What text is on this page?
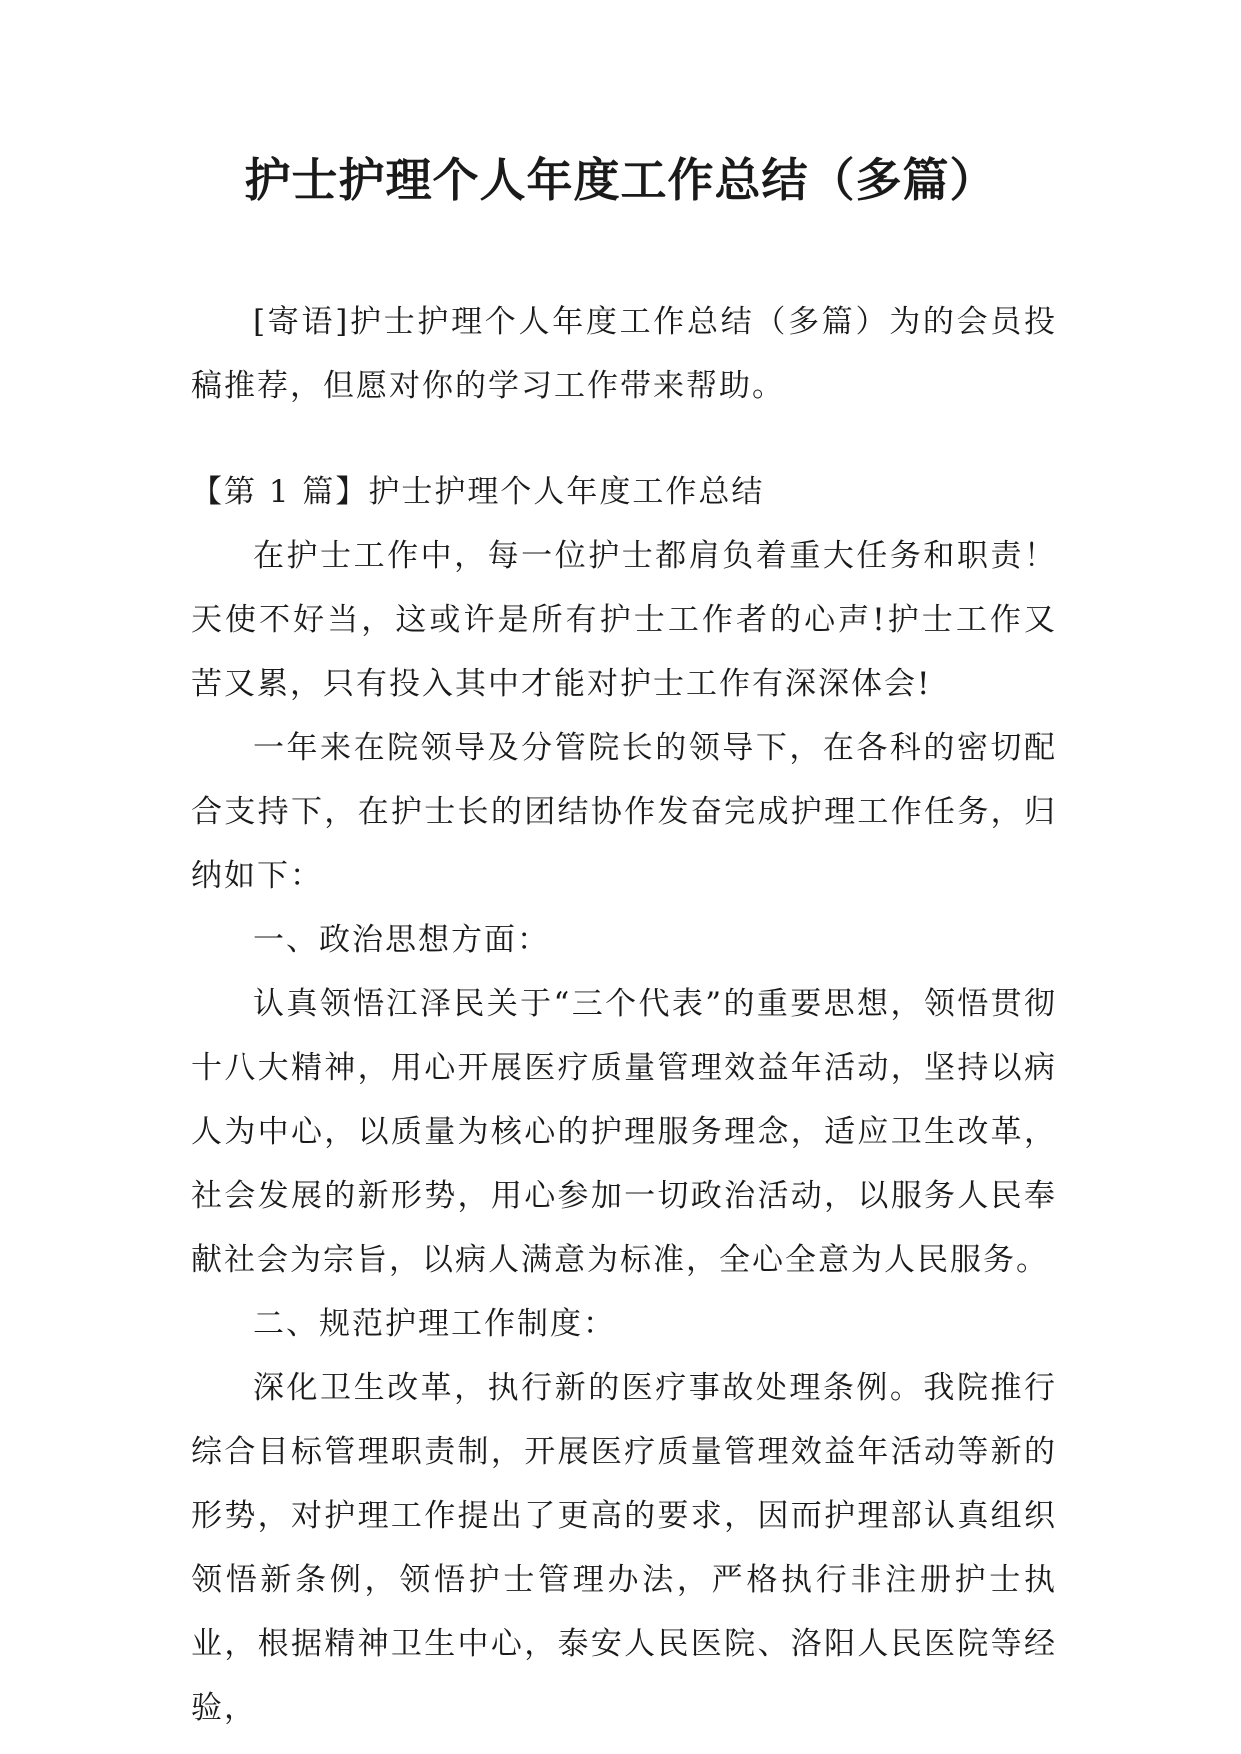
护士护理个人年度工作总结（多篇）

[寄语]护士护理个人年度工作总结（多篇）为的会员投稿推荐，但愿对你的学习工作带来帮助。

【第 1 篇】护士护理个人年度工作总结

在护士工作中，每一位护士都肩负着重大任务和职责！天使不好当，这或许是所有护士工作者的心声!护士工作又苦又累，只有投入其中才能对护士工作有深深体会!

一年来在院领导及分管院长的领导下，在各科的密切配合支持下，在护士长的团结协作发奋完成护理工作任务，归纳如下：

一、政治思想方面：

认真领悟江泽民关于“三个代表”的重要思想，领悟贯彻十八大精神，用心开展医疗质量管理效益年活动，坚持以病人为中心，以质量为核心的护理服务理念，适应卫生改革，社会发展的新形势，用心参加一切政治活动，以服务人民奉献社会为宗旨，以病人满意为标准，全心全意为人民服务。

二、规范护理工作制度：

深化卫生改革，执行新的医疗事故处理条例。我院推行综合目标管理职责制，开展医疗质量管理效益年活动等新的形势，对护理工作提出了更高的要求，因而护理部认真组织领悟新条例，领悟护士管理办法，严格执行非注册护士执业，根据精神卫生中心，泰安人民医院、洛阳人民医院等经验，
